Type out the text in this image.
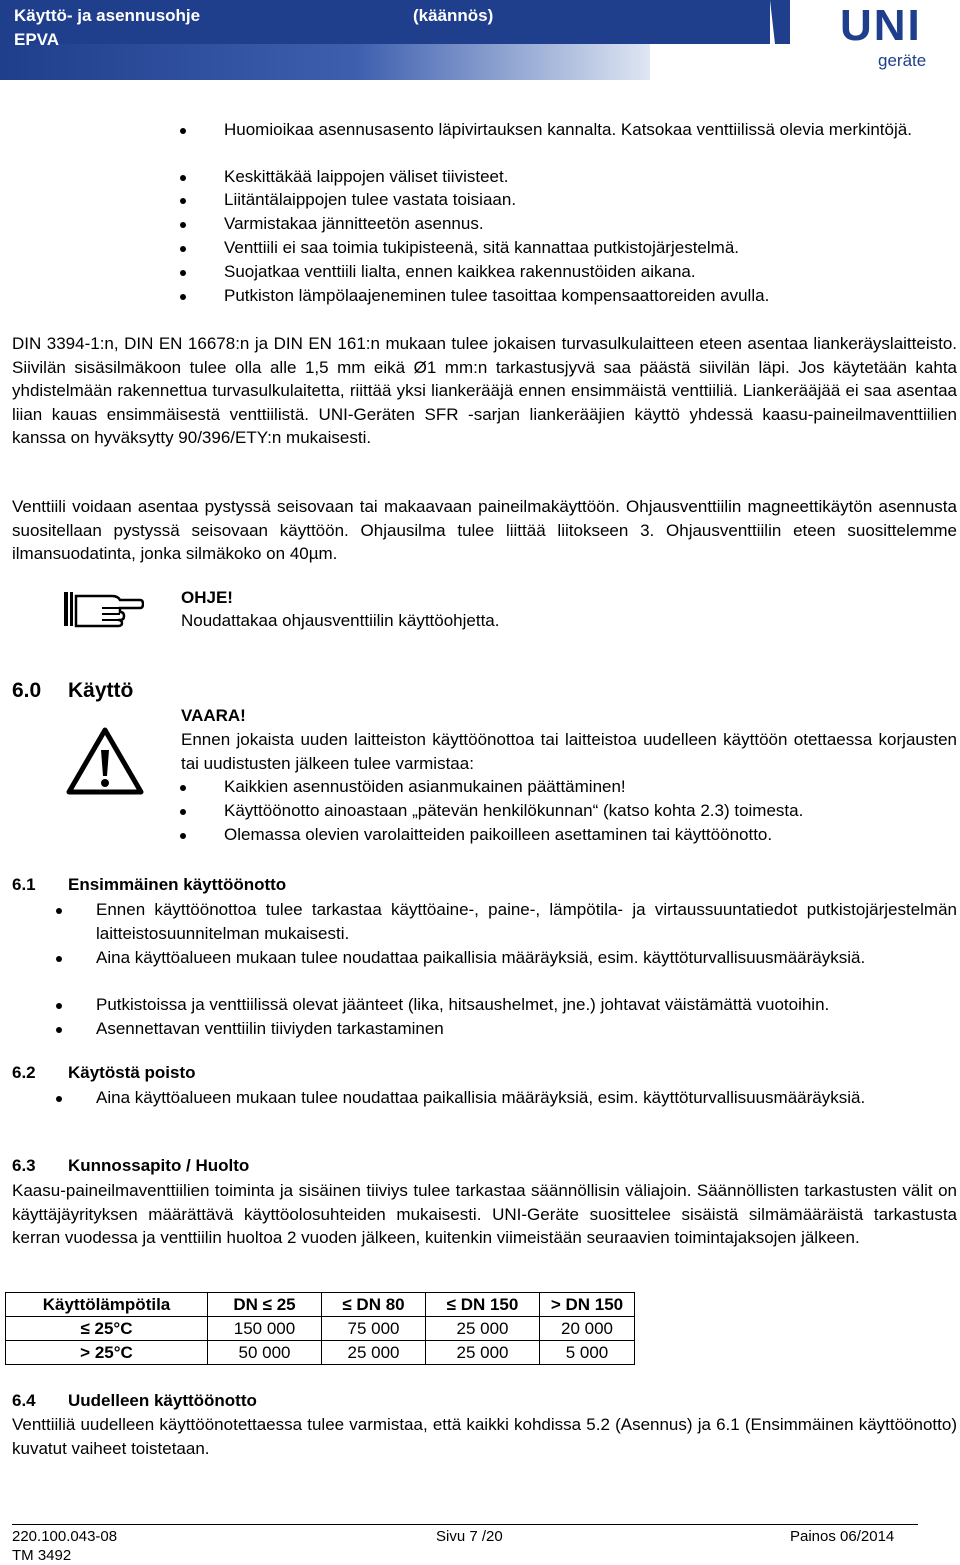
Käyttö- ja asennusohje
EPVA
(käännös)	UNI
geräte
Huomioikaa asennusasento läpivirtauksen kannalta. Katsokaa venttiilissä olevia merkintöjä.
Keskittäkää laippojen väliset tiivisteet.
Liitäntälaippojen tulee vastata toisiaan.
Varmistakaa jännitteetön asennus.
Venttiili ei saa toimia tukipisteenä, sitä kannattaa putkistojärjestelmä.
Suojatkaa venttiili lialta, ennen kaikkea rakennustöiden aikana.
Putkiston lämpölaajeneminen tulee tasoittaa kompensaattoreiden avulla.
DIN 3394-1:n, DIN EN 16678:n ja DIN EN 161:n mukaan tulee jokaisen turvasulkulaitteen eteen asentaa liankeräyslaitteisto. Siivilän sisäsilmäkoon tulee olla alle 1,5 mm eikä Ø1 mm:n tarkastusjyvä saa päästä siivilän läpi. Jos käytetään kahta yhdistelmään rakennettua turvasulkulaitetta, riittää yksi liankerääjä ennen ensimmäistä venttiiliä. Liankerääjää ei saa asentaa liian kauas ensimmäisestä venttiilistä. UNI-Geräten SFR -sarjan liankerääjien käyttö yhdessä kaasu-paineilmaventtiilien kanssa on hyväksytty 90/396/ETY:n mukaisesti.
Venttiili voidaan asentaa pystyssä seisovaan tai makaavaan paineilmakäyttöön. Ohjausventtiilin magneettikäytön asennusta suositellaan pystyssä seisovaan käyttöön. Ohjausilma tulee liittää liitokseen 3. Ohjausventtiilin eteen suosittelemme ilmansuodatinta, jonka silmäkoko on 40µm.
OHJE!
Noudattakaa ohjausventtiilin käyttöohjetta.
6.0 Käyttö
VAARA!
Ennen jokaista uuden laitteiston käyttöönottoa tai laitteistoa uudelleen käyttöön otettaessa korjausten tai uudistusten jälkeen tulee varmistaa:
Kaikkien asennustöiden asianmukainen päättäminen!
Käyttöönotto ainoastaan „pätevän henkilökunnan“ (katso kohta 2.3) toimesta.
Olemassa olevien varolaitteiden paikoilleen asettaminen tai käyttöönotto.
6.1 Ensimmäinen käyttöönotto
Ennen käyttöönottoa tulee tarkastaa käyttöaine-, paine-, lämpötila- ja virtaussuuntatiedot putkistojärjestelmän laitteistosuunnitelman mukaisesti.
Aina käyttöalueen mukaan tulee noudattaa paikallisia määräyksiä, esim. käyttöturvallisuusmääräyksiä.
Putkistoissa ja venttiilissä olevat jäänteet (lika, hitsaushelmet, jne.) johtavat väistämättä vuotoihin.
Asennettavan venttiilin tiiviyden tarkastaminen
6.2 Käytöstä poisto
Aina käyttöalueen mukaan tulee noudattaa paikallisia määräyksiä, esim. käyttöturvallisuusmääräyksiä.
6.3 Kunnossapito / Huolto
Kaasu-paineilmaventtiilien toiminta ja sisäinen tiiviys tulee tarkastaa säännöllisin väliajoin. Säännöllisten tarkastusten välit on käyttäjäyrityksen määrättävä käyttöolosuhteiden mukaisesti. UNI-Geräte suosittelee sisäistä silmämääräistä tarkastusta kerran vuodessa ja venttiilin huoltoa 2 vuoden jälkeen, kuitenkin viimeistään seuraavien toimintajaksojen jälkeen.
Käyttölämpötila	DN ≤ 25	≤ DN 80	≤ DN 150	> DN 150
≤ 25°C	150 000	75 000	25 000	20 000
> 25°C	50 000	25 000	25 000	5 000
6.4 Uudelleen käyttöönotto
Venttiiliä uudelleen käyttöönotettaessa tulee varmistaa, että kaikki kohdissa 5.2 (Asennus) ja 6.1 (Ensimmäinen käyttöönotto) kuvatut vaiheet toistetaan.
220.100.043-08
TM 3492
Sivu 7 /20	Painos 06/2014
